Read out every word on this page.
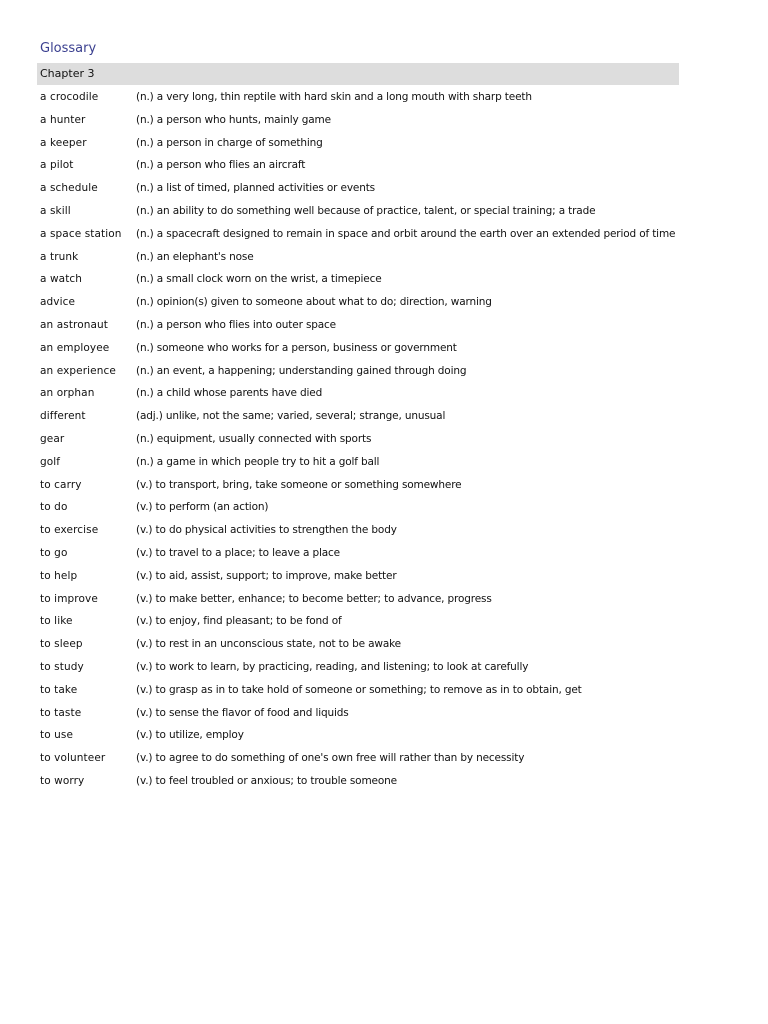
Glossary
Chapter 3
a crocodile	(n.) a very long, thin reptile with hard skin and a long mouth with sharp teeth
a hunter	(n.) a person who hunts, mainly game
a keeper	(n.) a person in charge of something
a pilot	(n.) a person who flies an aircraft
a schedule	(n.) a list of timed, planned activities or events
a skill	(n.) an ability to do something well because of practice, talent, or special training; a trade
a space station	(n.) a spacecraft designed to remain in space and orbit around the earth over an extended period of time
a trunk	(n.) an elephant's nose
a watch	(n.) a small clock worn on the wrist, a timepiece
advice	(n.) opinion(s) given to someone about what to do; direction, warning
an astronaut	(n.) a person who flies into outer space
an employee	(n.) someone who works for a person, business or government
an experience	(n.) an event, a happening; understanding gained through doing
an orphan	(n.) a child whose parents have died
different	(adj.) unlike, not the same; varied, several; strange, unusual
gear	(n.) equipment, usually connected with sports
golf	(n.) a game in which people try to hit a golf ball
to carry	(v.) to transport, bring, take someone or something somewhere
to do	(v.) to perform (an action)
to exercise	(v.) to do physical activities to strengthen the body
to go	(v.) to travel to a place; to leave a place
to help	(v.) to aid, assist, support; to improve, make better
to improve	(v.) to make better, enhance; to become better; to advance, progress
to like	(v.) to enjoy, find pleasant; to be fond of
to sleep	(v.) to rest in an unconscious state, not to be awake
to study	(v.) to work to learn, by practicing, reading, and listening; to look at carefully
to take	(v.) to grasp as in to take hold of someone or something; to remove as in to obtain, get
to taste	(v.) to sense the flavor of food and liquids
to use	(v.) to utilize, employ
to volunteer	(v.) to agree to do something of one's own free will rather than by necessity
to worry	(v.) to feel troubled or anxious; to trouble someone
